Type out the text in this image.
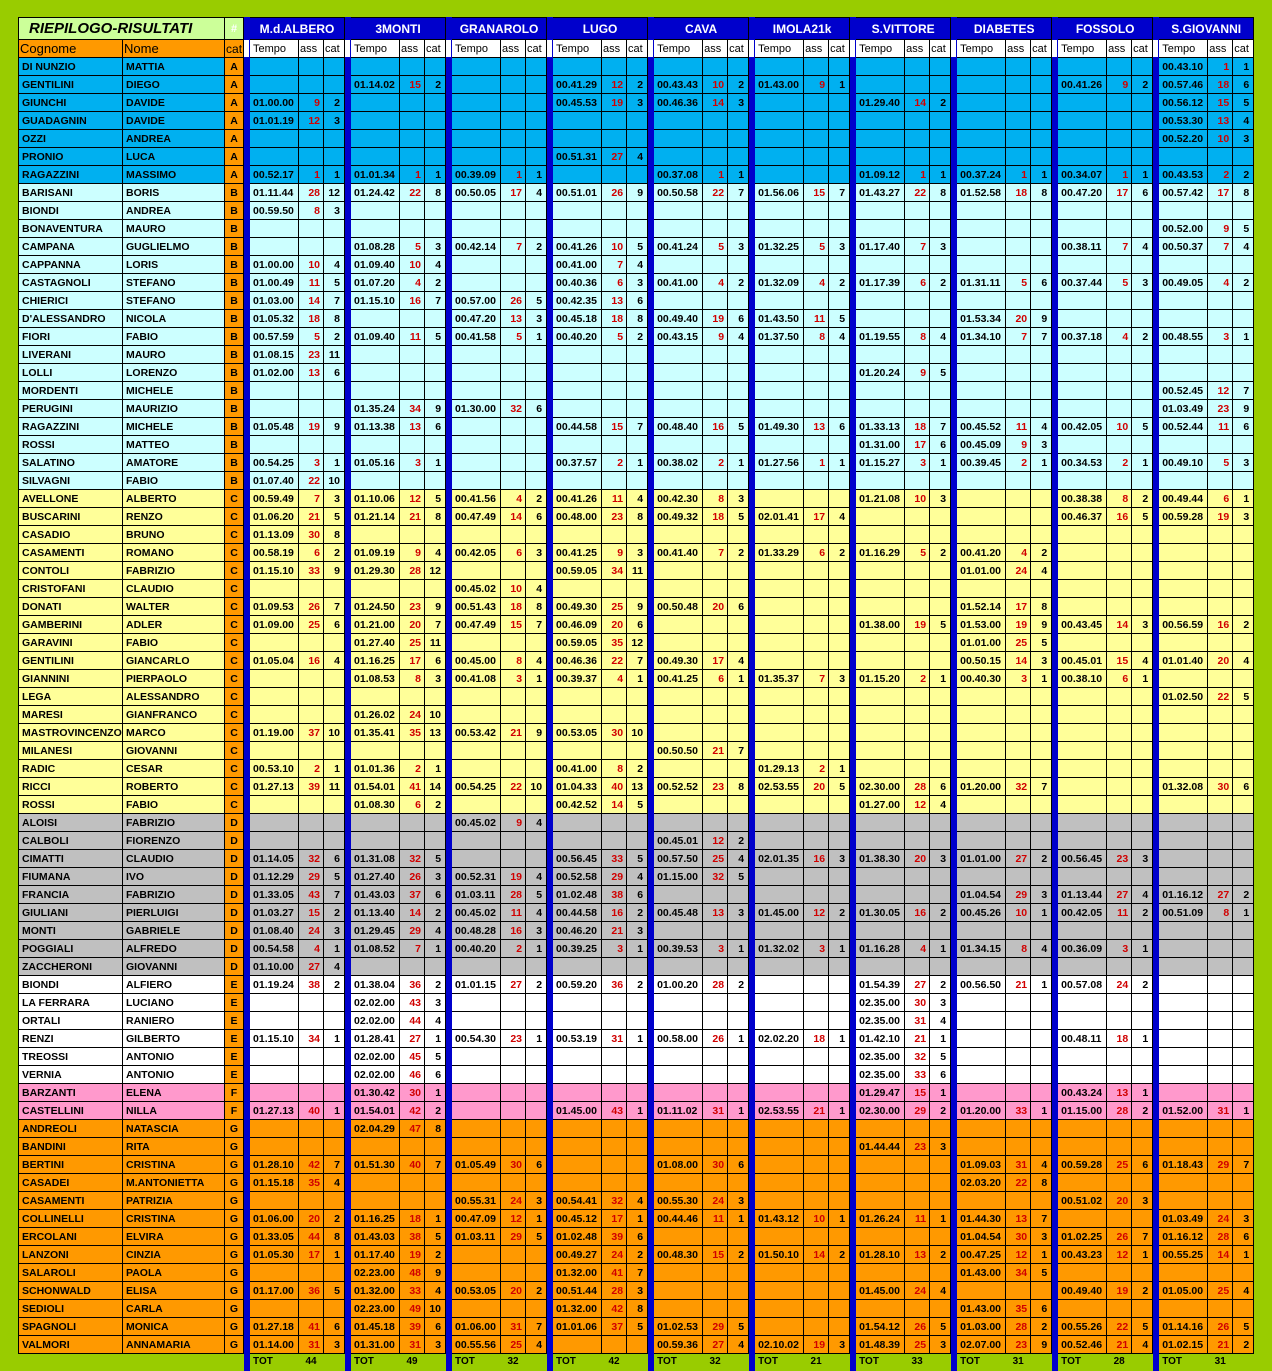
RIEPILOGO-RISULTATI		#		M.d.ALBERO				3MONTI				GRANAROLO				LUGO				CAVA				IMOLA21k				S.VITTORE				DIABETES				FOSSOLO				S.GIOVANNI		
Cognome	Nome	cat		Tempo	ass	cat		Tempo	ass	cat		Tempo	ass	cat		Tempo	ass	cat		Tempo	ass	cat		Tempo	ass	cat		Tempo	ass	cat		Tempo	ass	cat		Tempo	ass	cat		Tempo	ass	cat
DI NUNZIO	MATTIA	A																																						00.43.10	1	1
GENTILINI	DIEGO	A						01.14.02	15	2						00.41.29	12	2		00.43.43	10	2		01.43.00	9	1										00.41.26	9	2		00.57.46	18	6
GIUNCHI	DAVIDE	A		01.00.00	9	2										00.45.53	19	3		00.46.36	14	3						01.29.40	14	2										00.56.12	15	5
GUADAGNIN	DAVIDE	A		01.01.19	12	3																																		00.53.30	13	4
OZZI	ANDREA	A																																						00.52.20	10	3
PRONIO	LUCA	A														00.51.31	27	4																								
RAGAZZINI	MASSIMO	A		00.52.17	1	1		01.01.34	1	1		00.39.09	1	1						00.37.08	1	1						01.09.12	1	1		00.37.24	1	1		00.34.07	1	1		00.43.53	2	2
BARISANI	BORIS	B		01.11.44	28	12		01.24.42	22	8		00.50.05	17	4		00.51.01	26	9		00.50.58	22	7		01.56.06	15	7		01.43.27	22	8		01.52.58	18	8		00.47.20	17	6		00.57.42	17	8
BIONDI	ANDREA	B		00.59.50	8	3																																				
BONAVENTURA	MAURO	B																																						00.52.00	9	5
CAMPANA	GUGLIELMO	B						01.08.28	5	3		00.42.14	7	2		00.41.26	10	5		00.41.24	5	3		01.32.25	5	3		01.17.40	7	3						00.38.11	7	4		00.50.37	7	4
CAPPANNA	LORIS	B		01.00.00	10	4		01.09.40	10	4						00.41.00	7	4																								
CASTAGNOLI	STEFANO	B		01.00.49	11	5		01.07.20	4	2						00.40.36	6	3		00.41.00	4	2		01.32.09	4	2		01.17.39	6	2		01.31.11	5	6		00.37.44	5	3		00.49.05	4	2
CHIERICI	STEFANO	B		01.03.00	14	7		01.15.10	16	7		00.57.00	26	5		00.42.35	13	6																								
D'ALESSANDRO	NICOLA	B		01.05.32	18	8						00.47.20	13	3		00.45.18	18	8		00.49.40	19	6		01.43.50	11	5						01.53.34	20	9								
FIORI	FABIO	B		00.57.59	5	2		01.09.40	11	5		00.41.58	5	1		00.40.20	5	2		00.43.15	9	4		01.37.50	8	4		01.19.55	8	4		01.34.10	7	7		00.37.18	4	2		00.48.55	3	1
LIVERANI	MAURO	B		01.08.15	23	11																																				
LOLLI	LORENZO	B		01.02.00	13	6																						01.20.24	9	5												
MORDENTI	MICHELE	B																																						00.52.45	12	7
PERUGINI	MAURIZIO	B						01.35.24	34	9		01.30.00	32	6																										01.03.49	23	9
RAGAZZINI	MICHELE	B		01.05.48	19	9		01.13.38	13	6						00.44.58	15	7		00.48.40	16	5		01.49.30	13	6		01.33.13	18	7		00.45.52	11	4		00.42.05	10	5		00.52.44	11	6
ROSSI	MATTEO	B																										01.31.00	17	6		00.45.09	9	3								
SALATINO	AMATORE	B		00.54.25	3	1		01.05.16	3	1						00.37.57	2	1		00.38.02	2	1		01.27.56	1	1		01.15.27	3	1		00.39.45	2	1		00.34.53	2	1		00.49.10	5	3
SILVAGNI	FABIO	B		01.07.40	22	10																																				
AVELLONE	ALBERTO	C		00.59.49	7	3		01.10.06	12	5		00.41.56	4	2		00.41.26	11	4		00.42.30	8	3						01.21.08	10	3						00.38.38	8	2		00.49.44	6	1
BUSCARINI	RENZO	C		01.06.20	21	5		01.21.14	21	8		00.47.49	14	6		00.48.00	23	8		00.49.32	18	5		02.01.41	17	4										00.46.37	16	5		00.59.28	19	3
CASADIO	BRUNO	C		01.13.09	30	8																																				
CASAMENTI	ROMANO	C		00.58.19	6	2		01.09.19	9	4		00.42.05	6	3		00.41.25	9	3		00.41.40	7	2		01.33.29	6	2		01.16.29	5	2		00.41.20	4	2								
CONTOLI	FABRIZIO	C		01.15.10	33	9		01.29.30	28	12						00.59.05	34	11														01.01.00	24	4								
CRISTOFANI	CLAUDIO	C										00.45.02	10	4																												
DONATI	WALTER	C		01.09.53	26	7		01.24.50	23	9		00.51.43	18	8		00.49.30	25	9		00.50.48	20	6										01.52.14	17	8								
GAMBERINI	ADLER	C		01.09.00	25	6		01.21.00	20	7		00.47.49	15	7		00.46.09	20	6										01.38.00	19	5		01.53.00	19	9		00.43.45	14	3		00.56.59	16	2
GARAVINI	FABIO	C						01.27.40	25	11						00.59.05	35	12														01.01.00	25	5								
GENTILINI	GIANCARLO	C		01.05.04	16	4		01.16.25	17	6		00.45.00	8	4		00.46.36	22	7		00.49.30	17	4										00.50.15	14	3		00.45.01	15	4		01.01.40	20	4
GIANNINI	PIERPAOLO	C						01.08.53	8	3		00.41.08	3	1		00.39.37	4	1		00.41.25	6	1		01.35.37	7	3		01.15.20	2	1		00.40.30	3	1		00.38.10	6	1				
LEGA	ALESSANDRO	C																																						01.02.50	22	5
MARESI	GIANFRANCO	C						01.26.02	24	10																																
MASTROVINCENZO	MARCO	C		01.19.00	37	10		01.35.41	35	13		00.53.42	21	9		00.53.05	30	10																								
MILANESI	GIOVANNI	C																		00.50.50	21	7																				
RADIC	CESAR	C		00.53.10	2	1		01.01.36	2	1						00.41.00	8	2						01.29.13	2	1																
RICCI	ROBERTO	C		01.27.13	39	11		01.54.01	41	14		00.54.25	22	10		01.04.33	40	13		00.52.52	23	8		02.53.55	20	5		02.30.00	28	6		01.20.00	32	7						01.32.08	30	6
ROSSI	FABIO	C						01.08.30	6	2						00.42.52	14	5										01.27.00	12	4												
ALOISI	FABRIZIO	D										00.45.02	9	4																												
CALBOLI	FIORENZO	D																		00.45.01	12	2																				
CIMATTI	CLAUDIO	D		01.14.05	32	6		01.31.08	32	5						00.56.45	33	5		00.57.50	25	4		02.01.35	16	3		01.38.30	20	3		01.01.00	27	2		00.56.45	23	3				
FIUMANA	IVO	D		01.12.29	29	5		01.27.40	26	3		00.52.31	19	4		00.52.58	29	4		01.15.00	32	5																				
FRANCIA	FABRIZIO	D		01.33.05	43	7		01.43.03	37	6		01.03.11	28	5		01.02.48	38	6														01.04.54	29	3		01.13.44	27	4		01.16.12	27	2
GIULIANI	PIERLUIGI	D		01.03.27	15	2		01.13.40	14	2		00.45.02	11	4		00.44.58	16	2		00.45.48	13	3		01.45.00	12	2		01.30.05	16	2		00.45.26	10	1		00.42.05	11	2		00.51.09	8	1
MONTI	GABRIELE	D		01.08.40	24	3		01.29.45	29	4		00.48.28	16	3		00.46.20	21	3																								
POGGIALI	ALFREDO	D		00.54.58	4	1		01.08.52	7	1		00.40.20	2	1		00.39.25	3	1		00.39.53	3	1		01.32.02	3	1		01.16.28	4	1		01.34.15	8	4		00.36.09	3	1				
ZACCHERONI	GIOVANNI	D		01.10.00	27	4																																				
BIONDI	ALFIERO	E		01.19.24	38	2		01.38.04	36	2		01.01.15	27	2		00.59.20	36	2		01.00.20	28	2						01.54.39	27	2		00.56.50	21	1		00.57.08	24	2				
LA FERRARA	LUCIANO	E						02.02.00	43	3																		02.35.00	30	3												
ORTALI	RANIERO	E						02.02.00	44	4																		02.35.00	31	4												
RENZI	GILBERTO	E		01.15.10	34	1		01.28.41	27	1		00.54.30	23	1		00.53.19	31	1		00.58.00	26	1		02.02.20	18	1		01.42.10	21	1						00.48.11	18	1				
TREOSSI	ANTONIO	E						02.02.00	45	5																		02.35.00	32	5												
VERNIA	ANTONIO	E						02.02.00	46	6																		02.35.00	33	6												
BARZANTI	ELENA	F						01.30.42	30	1																		01.29.47	15	1						00.43.24	13	1				
CASTELLINI	NILLA	F		01.27.13	40	1		01.54.01	42	2						01.45.00	43	1		01.11.02	31	1		02.53.55	21	1		02.30.00	29	2		01.20.00	33	1		01.15.00	28	2		01.52.00	31	1
ANDREOLI	NATASCIA	G						02.04.29	47	8																																
BANDINI	RITA	G																										01.44.44	23	3												
BERTINI	CRISTINA	G		01.28.10	42	7		01.51.30	40	7		01.05.49	30	6						01.08.00	30	6										01.09.03	31	4		00.59.28	25	6		01.18.43	29	7
CASADEI	M.ANTONIETTA	G		01.15.18	35	4																										02.03.20	22	8								
CASAMENTI	PATRIZIA	G										00.55.31	24	3		00.54.41	32	4		00.55.30	24	3														00.51.02	20	3				
COLLINELLI	CRISTINA	G		01.06.00	20	2		01.16.25	18	1		00.47.09	12	1		00.45.12	17	1		00.44.46	11	1		01.43.12	10	1		01.26.24	11	1		01.44.30	13	7						01.03.49	24	3
ERCOLANI	ELVIRA	G		01.33.05	44	8		01.43.03	38	5		01.03.11	29	5		01.02.48	39	6														01.04.54	30	3		01.02.25	26	7		01.16.12	28	6
LANZONI	CINZIA	G		01.05.30	17	1		01.17.40	19	2						00.49.27	24	2		00.48.30	15	2		01.50.10	14	2		01.28.10	13	2		00.47.25	12	1		00.43.23	12	1		00.55.25	14	1
SALAROLI	PAOLA	G						02.23.00	48	9						01.32.00	41	7														01.43.00	34	5								
SCHONWALD	ELISA	G		01.17.00	36	5		01.32.00	33	4		00.53.05	20	2		00.51.44	28	3										01.45.00	24	4						00.49.40	19	2		01.05.00	25	4
SEDIOLI	CARLA	G						02.23.00	49	10						01.32.00	42	8														01.43.00	35	6								
SPAGNOLI	MONICA	G		01.27.18	41	6		01.45.18	39	6		01.06.00	31	7		01.01.06	37	5		01.02.53	29	5						01.54.12	26	5		01.03.00	28	2		00.55.26	22	5		01.14.16	26	5
VALMORI	ANNAMARIA	G		01.14.00	31	3		01.31.00	31	3		00.55.56	25	4						00.59.36	27	4		02.10.02	19	3		01.48.39	25	3		02.07.00	23	9		00.52.46	21	4		01.02.15	21	2
				TOT	44			TOT	49			TOT	32			TOT	42			TOT	32			TOT	21			TOT	33			TOT	31			TOT	28			TOT	31	
